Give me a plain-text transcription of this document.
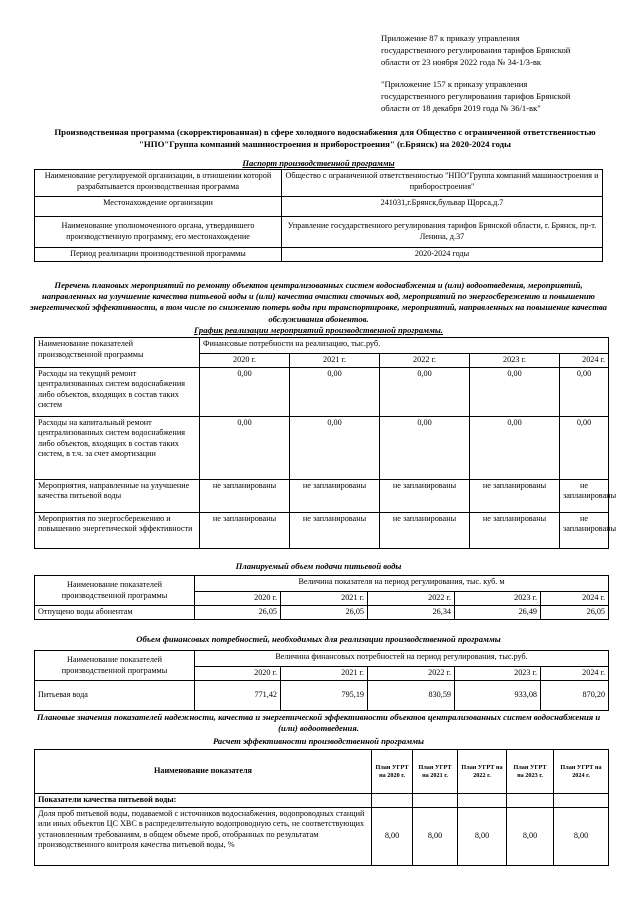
Приложение 87 к приказу управления
государственного регулирования тарифов Брянской
области от 23 ноября 2022 года № 34-1/3-вк
"Приложение 157 к приказу управления
государственного регулирования тарифов Брянской
области от 18 декабря 2019 года № 36/1-вк"
Производственная программа (скорректированная) в сфере холодного водоснабжения для Общество с ограниченной ответственностью "НПО"Группа компаний машиностроения и приборостроения" (г.Брянск) на 2020-2024 годы
Паспорт производственной программы
Наименование регулируемой организации, в отношении которой разрабатывается производственная программа	Общество с ограниченной ответственностью "НПО"Группа компаний машиностроения и приборостроения"
Местонахождение организации	241031,г.Брянск,бульвар Щорса,д.7
Наименование уполномоченного органа, утвердившего производственную программу, его местонахождение	Управление государственного регулирования тарифов Брянской области, г. Брянск, пр-т. Ленина, д.37
Период реализации производственной программы	2020-2024 годы
Перечень плановых мероприятий по ремонту объектов централизованных систем водоснабжения и (или) водоотведения, мероприятий, направленных на улучшение качества питьевой воды и (или) качества очистки сточных вод, мероприятий по энергосбережению и повышению энергетической эффективности, в том числе по снижению потерь воды при транспортировке, мероприятий, направленных на повышение качества обслуживания абонентов.
График реализации мероприятий производственной программы.
Наименование показателей производственной программы	Финансовые потребности на реализацию, тыс.руб.				
	2020 г.	2021 г.	2022 г.	2023 г.	2024 г.
Расходы на текущий ремонт централизованных систем водоснабжения либо объектов, входящих в состав таких систем	0,00	0,00	0,00	0,00	0,00
Расходы на капитальный ремонт централизованных систем водоснабжения либо объектов, входящих в состав таких систем, в т.ч. за счет амортизации	0,00	0,00	0,00	0,00	0,00
Мероприятия, направленные на улучшение качества питьевой воды	не запланированы	не запланированы	не запланированы	не запланированы	не запланированы
Мероприятия по энергосбережению и повышению энергетической эффективности	не запланированы	не запланированы	не запланированы	не запланированы	не запланированы
Планируемый объем подачи питьевой воды
Наименование показателей производственной программы	Величина показателя на период регулирования, тыс. куб. м				
	2020 г.	2021 г.	2022 г.	2023 г.	2024 г.
Отпущено воды абонентам	26,05	26,05	26,34	26,49	26,05
Объем финансовых потребностей, необходимых для реализации производственной программы
Наименование показателей производственной программы	Величина финансовых потребностей на период регулирования, тыс.руб.				
	2020 г.	2021 г.	2022 г.	2023 г.	2024 г.
Питьевая вода	771,42	795,19	830,59	933,08	870,20
Плановые значения показателей надежности, качества и энергетической эффективности объектов централизованных систем водоснабжения и (или) водоотведения.
Расчет эффективности производственной программы
Наименование показателя	План УГРТ на 2020 г.	План УГРТ на 2021 г.	План УГРТ на 2022 г.	План УГРТ на 2023 г.	План УГРТ на 2024 г.
Показатели качества питьевой воды:					
Доля проб питьевой воды, подаваемой с источников водоснабжения, водопроводных станций или иных объектов ЦС ХВС в распределительную водопроводную сеть, не соответствующих установленным требованиям, в общем объеме проб, отобранных по результатам производственного контроля качества питьевой воды, %	8,00	8,00	8,00	8,00	8,00
